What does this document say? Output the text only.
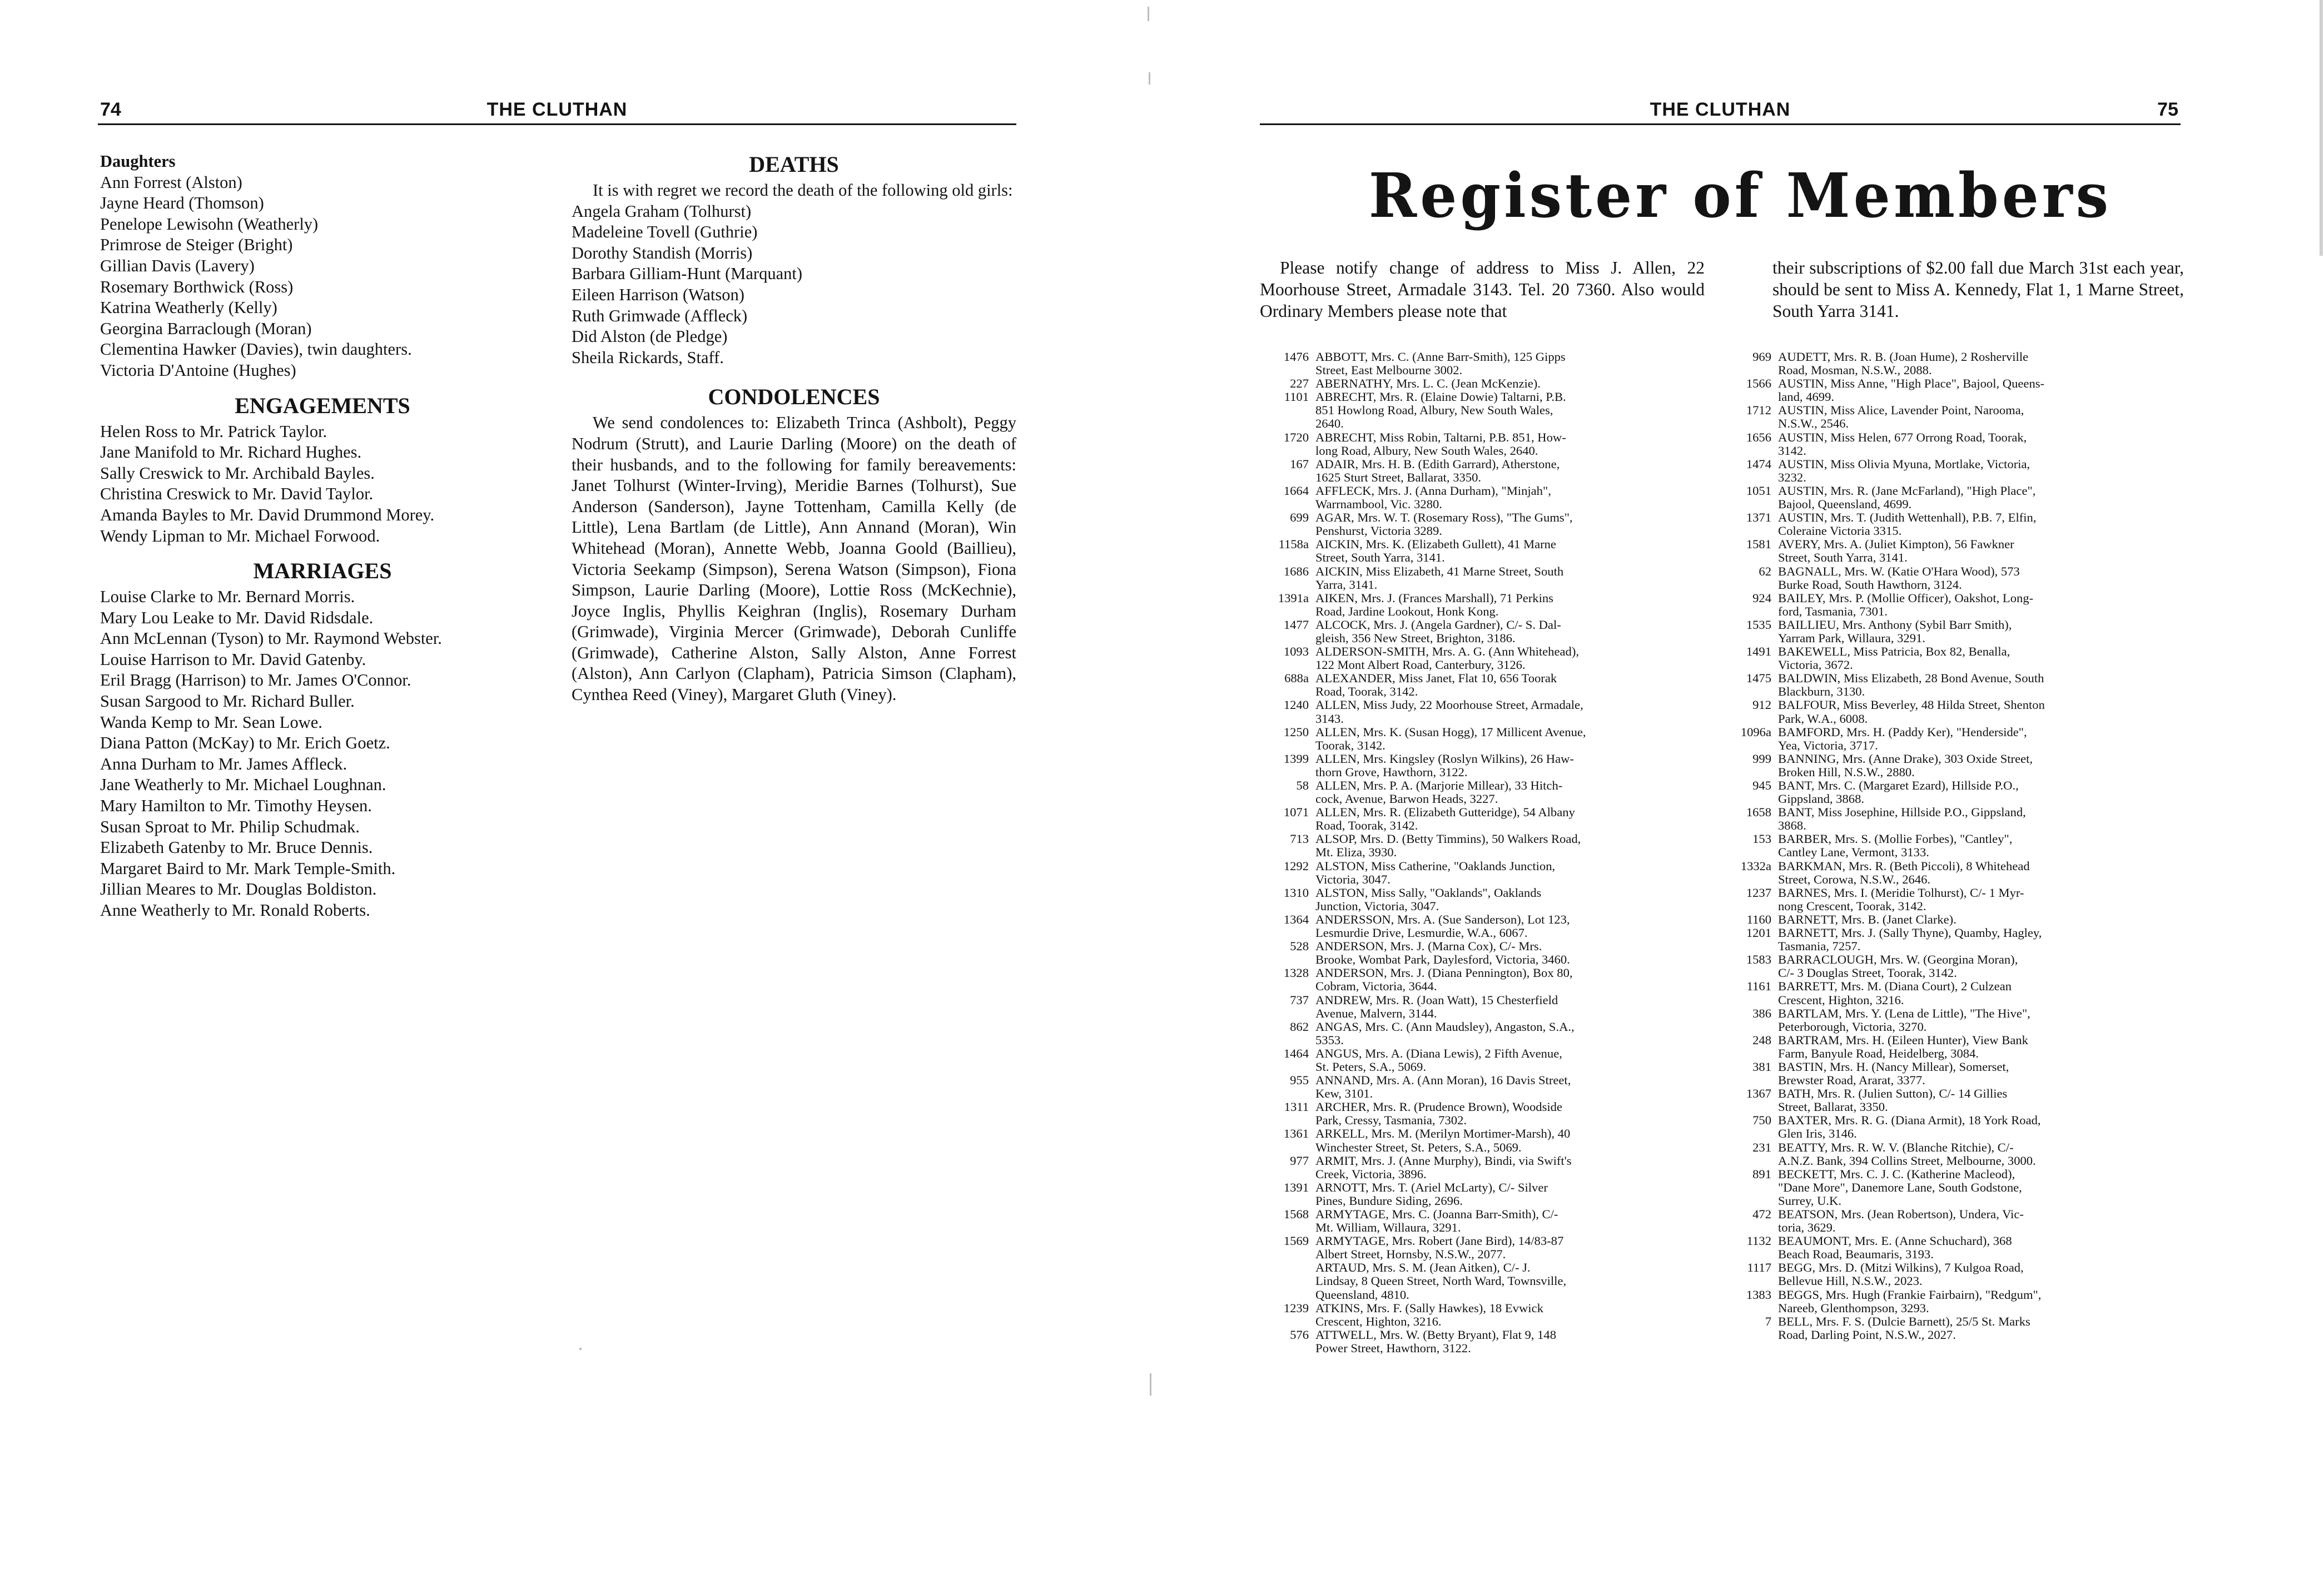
74	THE CLUTHAN
Daughters
Ann Forrest (Alston)
Jayne Heard (Thomson)
Penelope Lewisohn (Weatherly)
Primrose de Steiger (Bright)
Gillian Davis (Lavery)
Rosemary Borthwick (Ross)
Katrina Weatherly (Kelly)
Georgina Barraclough (Moran)
Clementina Hawker (Davies), twin daughters.
Victoria D'Antoine (Hughes)
ENGAGEMENTS
Helen Ross to Mr. Patrick Taylor.
Jane Manifold to Mr. Richard Hughes.
Sally Creswick to Mr. Archibald Bayles.
Christina Creswick to Mr. David Taylor.
Amanda Bayles to Mr. David Drummond Morey.
Wendy Lipman to Mr. Michael Forwood.
MARRIAGES
Louise Clarke to Mr. Bernard Morris.
Mary Lou Leake to Mr. David Ridsdale.
Ann McLennan (Tyson) to Mr. Raymond Webster.
Louise Harrison to Mr. David Gatenby.
Eril Bragg (Harrison) to Mr. James O'Connor.
Susan Sargood to Mr. Richard Buller.
Wanda Kemp to Mr. Sean Lowe.
Diana Patton (McKay) to Mr. Erich Goetz.
Anna Durham to Mr. James Affleck.
Jane Weatherly to Mr. Michael Loughnan.
Mary Hamilton to Mr. Timothy Heysen.
Susan Sproat to Mr. Philip Schudmak.
Elizabeth Gatenby to Mr. Bruce Dennis.
Margaret Baird to Mr. Mark Temple-Smith.
Jillian Meares to Mr. Douglas Boldiston.
Anne Weatherly to Mr. Ronald Roberts.
DEATHS
It is with regret we record the death of the following old girls:
Angela Graham (Tolhurst)
Madeleine Tovell (Guthrie)
Dorothy Standish (Morris)
Barbara Gilliam-Hunt (Marquant)
Eileen Harrison (Watson)
Ruth Grimwade (Affleck)
Did Alston (de Pledge)
Sheila Rickards, Staff.
CONDOLENCES
We send condolences to: Elizabeth Trinca (Ashbolt), Peggy Nodrum (Strutt), and Laurie Darling (Moore) on the death of their husbands, and to the following for family bereavements: Janet Tolhurst (Winter-Irving), Meridie Barnes (Tolhurst), Sue Anderson (Sanderson), Jayne Tottenham, Camilla Kelly (de Little), Lena Bartlam (de Little), Ann Annand (Moran), Win Whitehead (Moran), Annette Webb, Joanna Goold (Baillieu), Victoria Seekamp (Simpson), Serena Watson (Simpson), Fiona Simpson, Laurie Darling (Moore), Lottie Ross (McKechnie), Joyce Inglis, Phyllis Keighran (Inglis), Rosemary Durham (Grimwade), Virginia Mercer (Grimwade), Deborah Cunliffe (Grimwade), Catherine Alston, Sally Alston, Anne Forrest (Alston), Ann Carlyon (Clapham), Patricia Simson (Clapham), Cynthea Reed (Viney), Margaret Gluth (Viney).
THE CLUTHAN	75
Register of Members
Please notify change of address to Miss J. Allen, 22 Moorhouse Street, Armadale 3143. Tel. 20 7360. Also would Ordinary Members please note that
their subscriptions of $2.00 fall due March 31st each year, should be sent to Miss A. Kennedy, Flat 1, 1 Marne Street, South Yarra 3141.
1476 ABBOTT, Mrs. C. (Anne Barr-Smith), 125 Gipps
Street, East Melbourne 3002.
227 ABERNATHY, Mrs. L. C. (Jean McKenzie).
1101 ABRECHT, Mrs. R. (Elaine Dowie) Taltarni, P.B.
851 Howlong Road, Albury, New South Wales,
2640.
1720 ABRECHT, Miss Robin, Taltarni, P.B. 851, How-
long Road, Albury, New South Wales, 2640.
167 ADAIR, Mrs. H. B. (Edith Garrard), Atherstone,
1625 Sturt Street, Ballarat, 3350.
1664 AFFLECK, Mrs. J. (Anna Durham), "Minjah",
Warrnambool, Vic. 3280.
699 AGAR, Mrs. W. T. (Rosemary Ross), "The Gums",
Penshurst, Victoria 3289.
1158a AICKIN, Mrs. K. (Elizabeth Gullett), 41 Marne
Street, South Yarra, 3141.
1686 AICKIN, Miss Elizabeth, 41 Marne Street, South
Yarra, 3141.
1391a AIKEN, Mrs. J. (Frances Marshall), 71 Perkins
Road, Jardine Lookout, Honk Kong.
1477 ALCOCK, Mrs. J. (Angela Gardner), C/- S. Dal-
gleish, 356 New Street, Brighton, 3186.
1093 ALDERSON-SMITH, Mrs. A. G. (Ann Whitehead),
122 Mont Albert Road, Canterbury, 3126.
688a ALEXANDER, Miss Janet, Flat 10, 656 Toorak
Road, Toorak, 3142.
1240 ALLEN, Miss Judy, 22 Moorhouse Street, Armadale,
3143.
1250 ALLEN, Mrs. K. (Susan Hogg), 17 Millicent Avenue,
Toorak, 3142.
1399 ALLEN, Mrs. Kingsley (Roslyn Wilkins), 26 Haw-
thorn Grove, Hawthorn, 3122.
58 ALLEN, Mrs. P. A. (Marjorie Millear), 33 Hitch-
cock, Avenue, Barwon Heads, 3227.
1071 ALLEN, Mrs. R. (Elizabeth Gutteridge), 54 Albany
Road, Toorak, 3142.
713 ALSOP, Mrs. D. (Betty Timmins), 50 Walkers Road,
Mt. Eliza, 3930.
1292 ALSTON, Miss Catherine, "Oaklands Junction,
Victoria, 3047.
1310 ALSTON, Miss Sally, "Oaklands", Oaklands
Junction, Victoria, 3047.
1364 ANDERSSON, Mrs. A. (Sue Sanderson), Lot 123,
Lesmurdie Drive, Lesmurdie, W.A., 6067.
528 ANDERSON, Mrs. J. (Marna Cox), C/- Mrs.
Brooke, Wombat Park, Daylesford, Victoria, 3460.
1328 ANDERSON, Mrs. J. (Diana Pennington), Box 80,
Cobram, Victoria, 3644.
737 ANDREW, Mrs. R. (Joan Watt), 15 Chesterfield
Avenue, Malvern, 3144.
862 ANGAS, Mrs. C. (Ann Maudsley), Angaston, S.A.,
5353.
1464 ANGUS, Mrs. A. (Diana Lewis), 2 Fifth Avenue,
St. Peters, S.A., 5069.
955 ANNAND, Mrs. A. (Ann Moran), 16 Davis Street,
Kew, 3101.
1311 ARCHER, Mrs. R. (Prudence Brown), Woodside
Park, Cressy, Tasmania, 7302.
1361 ARKELL, Mrs. M. (Merilyn Mortimer-Marsh), 40
Winchester Street, St. Peters, S.A., 5069.
977 ARMIT, Mrs. J. (Anne Murphy), Bindi, via Swift's
Creek, Victoria, 3896.
1391 ARNOTT, Mrs. T. (Ariel McLarty), C/- Silver
Pines, Bundure Siding, 2696.
1568 ARMYTAGE, Mrs. C. (Joanna Barr-Smith), C/-
Mt. William, Willaura, 3291.
1569 ARMYTAGE, Mrs. Robert (Jane Bird), 14/83-87
Albert Street, Hornsby, N.S.W., 2077.
ARTAUD, Mrs. S. M. (Jean Aitken), C/- J.
Lindsay, 8 Queen Street, North Ward, Townsville,
Queensland, 4810.
1239 ATKINS, Mrs. F. (Sally Hawkes), 18 Evwick
Crescent, Highton, 3216.
576 ATTWELL, Mrs. W. (Betty Bryant), Flat 9, 148
Power Street, Hawthorn, 3122.
969 AUDETT, Mrs. R. B. (Joan Hume), 2 Rosherville
Road, Mosman, N.S.W., 2088.
1566 AUSTIN, Miss Anne, "High Place", Bajool, Queens-
land, 4699.
1712 AUSTIN, Miss Alice, Lavender Point, Narooma,
N.S.W., 2546.
1656 AUSTIN, Miss Helen, 677 Orrong Road, Toorak,
3142.
1474 AUSTIN, Miss Olivia Myuna, Mortlake, Victoria,
3232.
1051 AUSTIN, Mrs. R. (Jane McFarland), "High Place",
Bajool, Queensland, 4699.
1371 AUSTIN, Mrs. T. (Judith Wettenhall), P.B. 7, Elfin,
Coleraine Victoria 3315.
1581 AVERY, Mrs. A. (Juliet Kimpton), 56 Fawkner
Street, South Yarra, 3141.
62 BAGNALL, Mrs. W. (Katie O'Hara Wood), 573
Burke Road, South Hawthorn, 3124.
924 BAILEY, Mrs. P. (Mollie Officer), Oakshot, Long-
ford, Tasmania, 7301.
1535 BAILLIEU, Mrs. Anthony (Sybil Barr Smith),
Yarram Park, Willaura, 3291.
1491 BAKEWELL, Miss Patricia, Box 82, Benalla,
Victoria, 3672.
1475 BALDWIN, Miss Elizabeth, 28 Bond Avenue, South
Blackburn, 3130.
912 BALFOUR, Miss Beverley, 48 Hilda Street, Shenton
Park, W.A., 6008.
1096a BAMFORD, Mrs. H. (Paddy Ker), "Henderside",
Yea, Victoria, 3717.
999 BANNING, Mrs. (Anne Drake), 303 Oxide Street,
Broken Hill, N.S.W., 2880.
945 BANT, Mrs. C. (Margaret Ezard), Hillside P.O.,
Gippsland, 3868.
1658 BANT, Miss Josephine, Hillside P.O., Gippsland,
3868.
153 BARBER, Mrs. S. (Mollie Forbes), "Cantley",
Cantley Lane, Vermont, 3133.
1332a BARKMAN, Mrs. R. (Beth Piccoli), 8 Whitehead
Street, Corowa, N.S.W., 2646.
1237 BARNES, Mrs. I. (Meridie Tolhurst), C/- 1 Myr-
nong Crescent, Toorak, 3142.
1160 BARNETT, Mrs. B. (Janet Clarke).
1201 BARNETT, Mrs. J. (Sally Thyne), Quamby, Hagley,
Tasmania, 7257.
1583 BARRACLOUGH, Mrs. W. (Georgina Moran),
C/- 3 Douglas Street, Toorak, 3142.
1161 BARRETT, Mrs. M. (Diana Court), 2 Culzean
Crescent, Highton, 3216.
386 BARTLAM, Mrs. Y. (Lena de Little), "The Hive",
Peterborough, Victoria, 3270.
248 BARTRAM, Mrs. H. (Eileen Hunter), View Bank
Farm, Banyule Road, Heidelberg, 3084.
381 BASTIN, Mrs. H. (Nancy Millear), Somerset,
Brewster Road, Ararat, 3377.
1367 BATH, Mrs. R. (Julien Sutton), C/- 14 Gillies
Street, Ballarat, 3350.
750 BAXTER, Mrs. R. G. (Diana Armit), 18 York Road,
Glen Iris, 3146.
231 BEATTY, Mrs. R. W. V. (Blanche Ritchie), C/-
A.N.Z. Bank, 394 Collins Street, Melbourne, 3000.
891 BECKETT, Mrs. C. J. C. (Katherine Macleod),
"Dane More", Danemore Lane, South Godstone,
Surrey, U.K.
472 BEATSON, Mrs. (Jean Robertson), Undera, Vic-
toria, 3629.
1132 BEAUMONT, Mrs. E. (Anne Schuchard), 368
Beach Road, Beaumaris, 3193.
1117 BEGG, Mrs. D. (Mitzi Wilkins), 7 Kulgoa Road,
Bellevue Hill, N.S.W., 2023.
1383 BEGGS, Mrs. Hugh (Frankie Fairbairn), "Redgum",
Nareeb, Glenthompson, 3293.
7 BELL, Mrs. F. S. (Dulcie Barnett), 25/5 St. Marks
Road, Darling Point, N.S.W., 2027.
